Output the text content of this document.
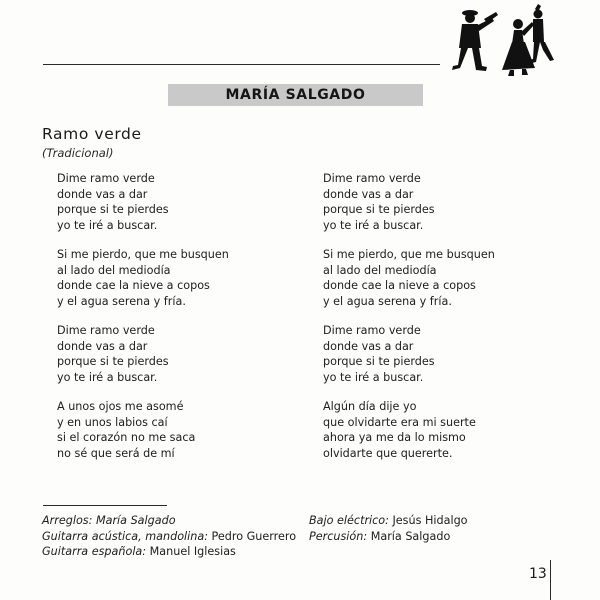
MARÍA SALGADO
Ramo verde
(Tradicional)
Dime ramo verde
donde vas a dar
porque si te pierdes
yo te iré a buscar.
Si me pierdo, que me busquen
al lado del mediodía
donde cae la nieve a copos
y el agua serena y fría.
Dime ramo verde
donde vas a dar
porque si te pierdes
yo te iré a buscar.
A unos ojos me asomé
y en unos labios caí
si el corazón no me saca
no sé que será de mí
Dime ramo verde
donde vas a dar
porque si te pierdes
yo te iré a buscar.
Si me pierdo, que me busquen
al lado del mediodía
donde cae la nieve a copos
y el agua serena y fría.
Dime ramo verde
donde vas a dar
porque si te pierdes
yo te iré a buscar.
Algún día dije yo
que olvidarte era mi suerte
ahora ya me da lo mismo
olvidarte que quererte.
Arreglos: María Salgado
Guitarra acústica, mandolina: Pedro Guerrero
Guitarra española: Manuel Iglesias
Bajo eléctrico: Jesús Hidalgo
Percusión: María Salgado
13
